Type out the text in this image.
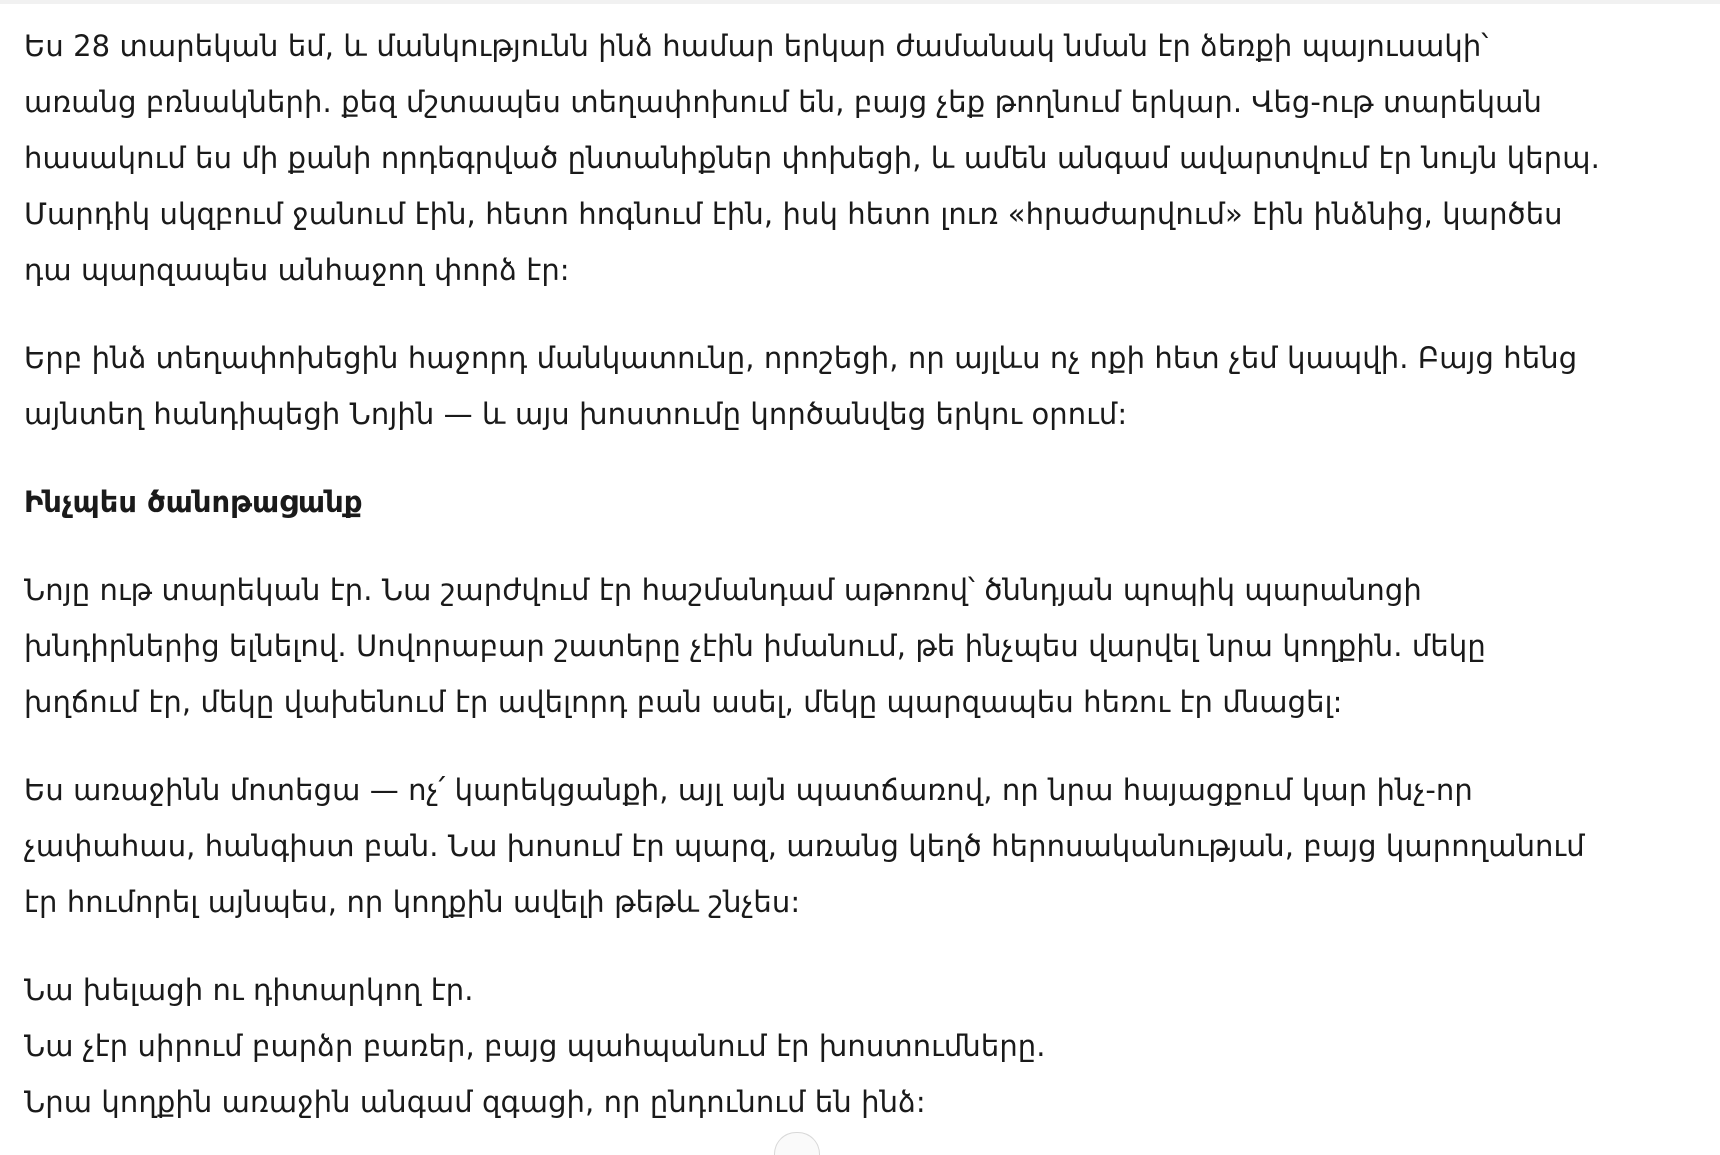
Ես 28 տարեկան եմ, և մանկությունն ինձ համար երկար ժամանակ նման էր ձեռքի պայուսակի՝
առանց բռնակների. քեզ մշտապես տեղափոխում են, բայց չեք թողնում երկար. Վեց-ութ տարեկան
հասակում ես մի քանի որդեգրված ընտանիքներ փոխեցի, և ամեն անգամ ավարտվում էր նույն կերպ.
Մարդիկ սկզբում ջանում էին, հետո հոգնում էին, իսկ հետո լուռ «հրաժարվում» էին ինձնից, կարծես
դա պարզապես անհաջող փորձ էր:

Երբ ինձ տեղափոխեցին հաջորդ մանկատունը, որոշեցի, որ այլևս ոչ ոքի հետ չեմ կապվի. Բայց հենց
այնտեղ հանդիպեցի Նոյին — և այս խոստումը կործանվեց երկու օրում:

Ինչպես ծանոթացանք

Նոյը ութ տարեկան էր. Նա շարժվում էր հաշմանդամ աթոռով՝ ծննդյան պոպիկ պարանոցի
խնդիրներից ելնելով. Սովորաբար շատերը չէին իմանում, թե ինչպես վարվել նրա կողքին. մեկը
խղճում էր, մեկը վախենում էր ավելորդ բան ասել, մեկը պարզապես հեռու էր մնացել:

Ես առաջինն մոտեցա — ոչ՛ կարեկցանքի, այլ այն պատճառով, որ նրա հայացքում կար ինչ-որ
չափահաս, հանգիստ բան. Նա խոսում էր պարզ, առանց կեղծ հերոսականության, բայց կարողանում
էր հումորել այնպես, որ կողքին ավելի թեթև շնչես:

Նա խելացի ու դիտարկող էր.
Նա չէր սիրում բարձր բառեր, բայց պահպանում էր խոստումները.
Նրա կողքին առաջին անգամ զգացի, որ ընդունում են ինձ:
